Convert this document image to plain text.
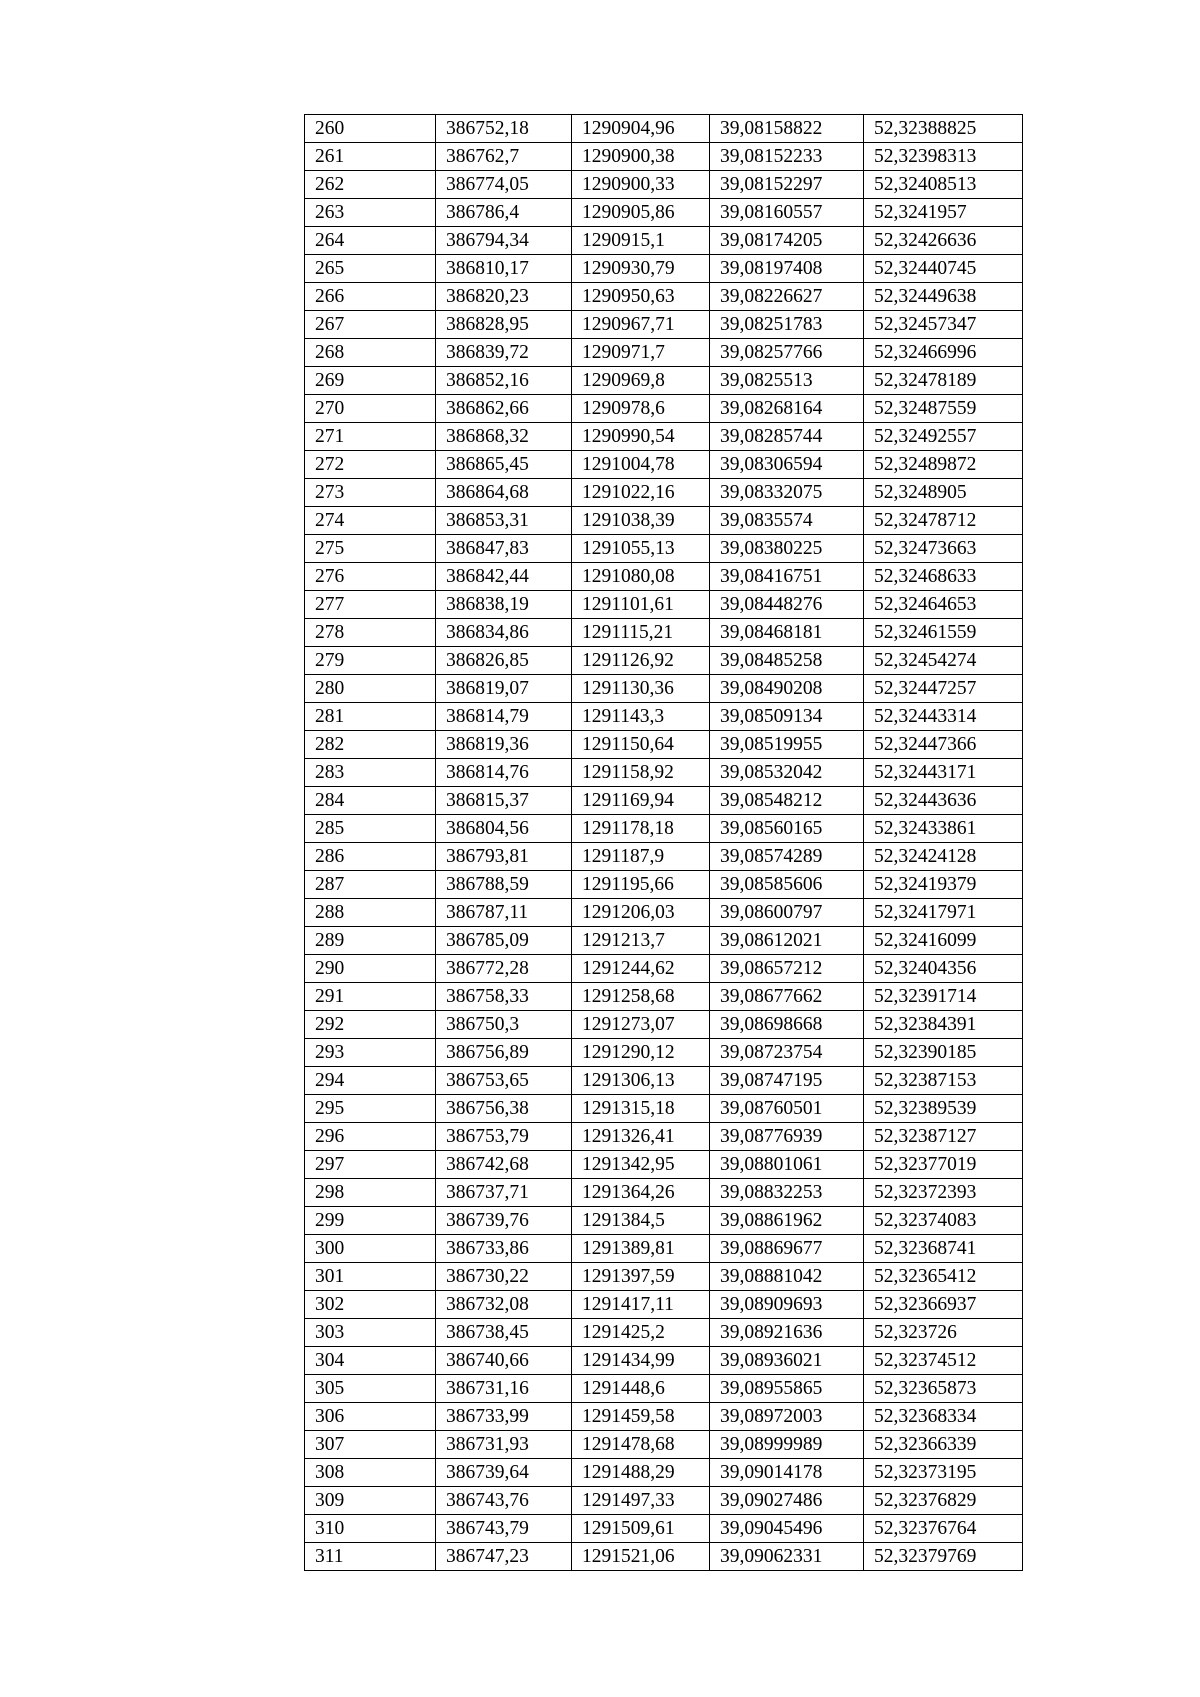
260	386752,18	1290904,96	39,08158822	52,32388825
261	386762,7	1290900,38	39,08152233	52,32398313
262	386774,05	1290900,33	39,08152297	52,32408513
263	386786,4	1290905,86	39,08160557	52,3241957
264	386794,34	1290915,1	39,08174205	52,32426636
265	386810,17	1290930,79	39,08197408	52,32440745
266	386820,23	1290950,63	39,08226627	52,32449638
267	386828,95	1290967,71	39,08251783	52,32457347
268	386839,72	1290971,7	39,08257766	52,32466996
269	386852,16	1290969,8	39,0825513	52,32478189
270	386862,66	1290978,6	39,08268164	52,32487559
271	386868,32	1290990,54	39,08285744	52,32492557
272	386865,45	1291004,78	39,08306594	52,32489872
273	386864,68	1291022,16	39,08332075	52,3248905
274	386853,31	1291038,39	39,0835574	52,32478712
275	386847,83	1291055,13	39,08380225	52,32473663
276	386842,44	1291080,08	39,08416751	52,32468633
277	386838,19	1291101,61	39,08448276	52,32464653
278	386834,86	1291115,21	39,08468181	52,32461559
279	386826,85	1291126,92	39,08485258	52,32454274
280	386819,07	1291130,36	39,08490208	52,32447257
281	386814,79	1291143,3	39,08509134	52,32443314
282	386819,36	1291150,64	39,08519955	52,32447366
283	386814,76	1291158,92	39,08532042	52,32443171
284	386815,37	1291169,94	39,08548212	52,32443636
285	386804,56	1291178,18	39,08560165	52,32433861
286	386793,81	1291187,9	39,08574289	52,32424128
287	386788,59	1291195,66	39,08585606	52,32419379
288	386787,11	1291206,03	39,08600797	52,32417971
289	386785,09	1291213,7	39,08612021	52,32416099
290	386772,28	1291244,62	39,08657212	52,32404356
291	386758,33	1291258,68	39,08677662	52,32391714
292	386750,3	1291273,07	39,08698668	52,32384391
293	386756,89	1291290,12	39,08723754	52,32390185
294	386753,65	1291306,13	39,08747195	52,32387153
295	386756,38	1291315,18	39,08760501	52,32389539
296	386753,79	1291326,41	39,08776939	52,32387127
297	386742,68	1291342,95	39,08801061	52,32377019
298	386737,71	1291364,26	39,08832253	52,32372393
299	386739,76	1291384,5	39,08861962	52,32374083
300	386733,86	1291389,81	39,08869677	52,32368741
301	386730,22	1291397,59	39,08881042	52,32365412
302	386732,08	1291417,11	39,08909693	52,32366937
303	386738,45	1291425,2	39,08921636	52,323726
304	386740,66	1291434,99	39,08936021	52,32374512
305	386731,16	1291448,6	39,08955865	52,32365873
306	386733,99	1291459,58	39,08972003	52,32368334
307	386731,93	1291478,68	39,08999989	52,32366339
308	386739,64	1291488,29	39,09014178	52,32373195
309	386743,76	1291497,33	39,09027486	52,32376829
310	386743,79	1291509,61	39,09045496	52,32376764
311	386747,23	1291521,06	39,09062331	52,32379769
